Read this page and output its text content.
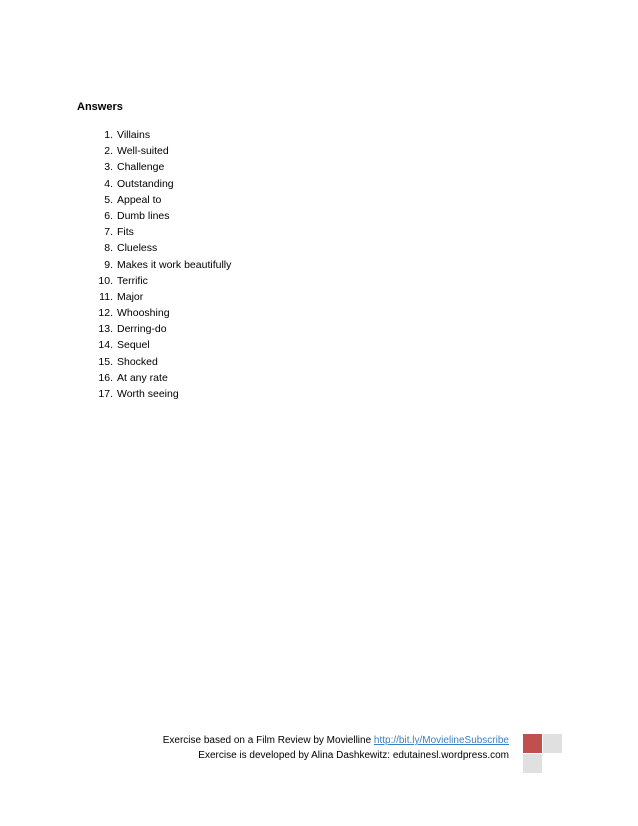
Answers
1. Villains
2. Well-suited
3. Challenge
4. Outstanding
5. Appeal to
6. Dumb lines
7. Fits
8. Clueless
9. Makes it work beautifully
10. Terrific
11. Major
12. Whooshing
13. Derring-do
14. Sequel
15. Shocked
16. At any rate
17. Worth seeing
Exercise based on a Film Review by Movielline http://bit.ly/MovielineSubscribe
Exercise is developed by Alina Dashkewitz: edutainesl.wordpress.com
